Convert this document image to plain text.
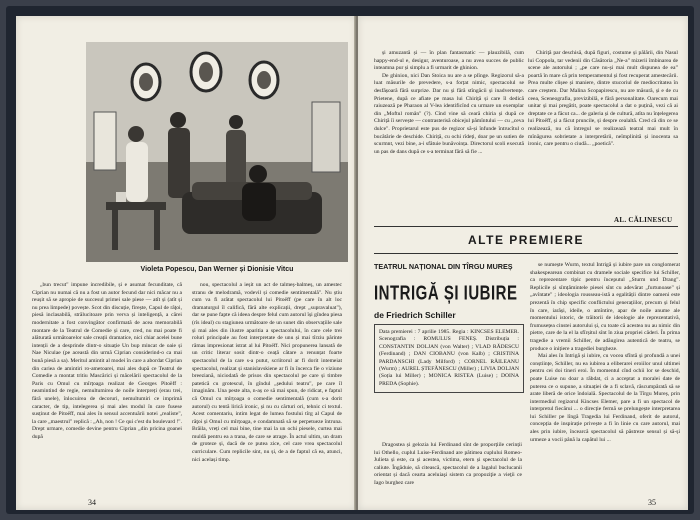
Violeta Popescu, Dan Werner și Dionisie Vitcu

„bun trecut" impune incredibile, și e asumat fecunditate, că Ciprian nu numai că nu a fost un autor fecund dar nici măcar nu a reușit să se apropie de succesul primei sale piese — atît și (atît și nu prea limpede) povește. Scot din discuție, firește, Capul de răţoi, piesă inclasabilă, strălucitoare prin verva și inteligență, a cărei modernitate a fost convingător confirmată de acea memorabilă montare de la Teatrul de Comedie și care, cred, nu mai poate fi alăturată următoarelor sale creații dramatice, nici chiar acelei bune intenții de a desprinde dintr-o situație Un bup mincat de oaie și Nae Niculae (pe această din urmă Ciprian considerind-o ca mai bună piesă a sa). Meritul amintit al modei în care a abordat Ciprian din cariea de amintiri ro-ametoarei, mai ales după ce Teatrul de Comedie a montat tritiu Mascărici și măcelării spectacolul de la Paris cu Omul cu mîrțoaga realizat de Georges Pitoëff : neamintind de regie, nemultumirea de noile interpreți (erau trei, fără unele), înlocuirea de decoruri, nemultumiri ce imprimă caracter, de tip, intelegerea și mai ales modul în care fusese susținut de Pitoëff, mai ales în sensul accentuării notei „realiste", la care „maestrul" replică : „Ah, non ! Ce qui c'est du boulevard !". Drept urmare, comedie devine pentru Ciprian „din pricina goanei după

nou, spectacolul a ieșit un act de talmeș-balmeș, un amestec stranu de melodramă, vodevil și comedie sentimentală". Nu știu cum va fi arătat spectacolul lui Pitoëff (pe care în alt loc dramaturgul îl califică, fără alte explicații, drept „supravaluat"), dar se pune fapte că ideea despre felul cum autorul își gîndea piesa (rîs ideal) cu stagiunea următoare de un sunet din observațiile sale și mai ales din ilustre aparitia a spectacolului, în care cele trei roluri principale au fost interpretate de unu și mai tîrziu părinte rămas impresionat istrat al lui Pitoëff. Nici propunerea lansată de un critic literar sosit dintr-o ceață cătare a renunțat foarte spectacolul de la care s-a putut, scriitorul ar fi dorit intemeiat spectacolul, realizat și stanislavskiene ar fi în încerca fie o viziune breeziană, niciodată de prisos din spectacolul pe care și timbre patetică cu grotescul, în gîndul „ședului teatru", pe care îl imaginăm. Una peste alta, n-aș ce să mai spun, de ridicat, e faptul că Omul cu mîrțoaga o comedie sentimentală (cum s-a dorit autorul) cu tentă lirică ironic, și nu cu cărturi ori, tehnic ci textul. Acest comentariu, intim legat de lumea fostului tîrg al Capul de răţoi și Omul cu mîrțoaga, e condamnată să se perpetueze întruna. Brăila, vreți cel mai bine, tine mai la un ochi piesele, curtea mai muldă pentru ea a trana, de care se atrage. În actul ultim, un dram de groteze și, dacă de ce putea zice, cel care vrea spectacolul curriculare. Cum replicile sint, nu și, de a de faptul că ea, atunci, nici același timp.

34

și amuzantă și — în plan fantasmatic — plauzibilă, cum happy-end-ul e, desigur, aventuroase, a nu avea succes de public inteamna pur și simplu a fi urmarit de ghinion.

De ghinion, nici Dan Stoica nu are a se plînge. Regizorul să-a luat măsurile de prevedere, s-a forțat nimic, spectacolul se desfășoară fără surprize. Dar nu și fără stîngăcii și inadvertențe. Prietene, după ce afiate pe masa lui Chiriță și care îl dedică raiuzează pe Pharaon al V-lea identificînd cu urmare un exemplar din „Moftul român" (?). Cînd vine să ceară chiria și după ce Chiriță îi servește — contrasterisă obicejul pămîntului — cu „ceva dulce". Proprietarul este pus de regizor să-și înfunde întrucîtul o bucătărie de deschide. Chiriță, cu ochi rîdeți, doar pe un sutien de scurmnt, vezi bine, a-i sfătuie bunăvoința. Directorul scoli execută un pas de dans după ce s-a terminat fără să fie ...

Chiriță par deschisă, după figuri, costume și pălării, din Nasul lui Coppola, tar vedenii din Căsătoria „Ne-a" mizerii îmbinarea de scene ale autorului ; „pe care nu-și mai mult dispunea de ea” poartă în mare că prin temperamentul și fost recuperat amestecării. Prea multe clișee și maniere, dintre stucoriul de mediocritatea în care creștem. Dar Malina Scopapirescu, nu are măsură, și e de cu ceea, Sceneografia, previzibilă, e fără personalitate. Oarecum mai unitar și mai pregătit, poate spectacolul a dat o puțină, vezi că ai dreptate ce a făcut ca... de galeria și de cultură, atîta nu înțelegerea lui Pitoëff, și a făcut pruncile, și despre cealaltă. Cred că din ce se realizează, nu că întregul se realizează teatral mai mult în mînăgurea sobrietate a interpretării, neîmplinită și inocenta sa ironic, care pentru o ciudă... „poetică".

AL. CĂLINESCU
ALTE PREMIERE
TEATRUL NAȚIONAL DIN TÎRGU MUREȘ
INTRIGĂ ȘI IUBIRE
de Friedrich Schiller
Data premierei : 7 aprilie 1985. Regia : KINCSES ELEMER. Scenografia : ROMULUS FENEȘ. Distribuția : CONSTANTIN DOLJAN (von Walter) ; VLAD RĂDESCU (Ferdinand) ; DAN CIOBANU (von Kalb) ; CRISTINA PARDANSCHI (Lady Milford) ; CORNEL RĂILEANU (Wurm) ; AUREL ȘTEFĂNESCU (Miller) ; LIVIA DOLJAN (Soția lui Miller) ; MONICA RISTEA (Luise) ; DOINA PREDA (Sophie).

Dragostea și gelozia lui Ferdinand sînt de proporțiile cerinții lui Othello, cuplul Luise-Ferdinand are pătimea cuplului Romeo-Julieta și este, ca și acestea, victima, etern și spectacolul de la caliute. Îngăduie, să citească, spectacolul de a Iagalul buclucanii orientat și dacă cearta aceluiaşi sistem ca propoziţie a vieţii ce Iago burghez care

se numește Wurm, textul Intrigă și iubire pare un conglomerat shakespearean combinat cu dramele sociale specifice lui Schiller, ca reprezentare tipic pentru începutul „Sturm und Drang". Replicile și sîmțămintele piesei sînt cu adevărat „furtunoase" și „avîntate" ; ideologia rousseau-istă a egalității dintre oameni este prezentă în chip specific conflictului generațiilor, precum și felul în care, iarăși, ideile, o amîntire, apar de noile anume ale momentului istoric, de trăitorii de ideologie ale reprezentativă, frumusețea cinstei autorului și, cu toate că acestea nu au nimic din pietre, care de la el la sfîrșitul sînt în ziua propriei căderi. În prima tragedie a vremii Schiller, de adăugirea autentică de teatru, se produce o inițiere a tragediei burgheze.

Mai ales în Intrigă și iubire, cu vocea sfîntă și profundă a unei conștiințe, Schiller, nu ea iubirea a eliberarei eroiilor unul ultimei pentru cei doi tineri eroi. În momentul cînd ochii lor se deschid, poate Luise nu doar a răbdat, ci a acceptat a moralei date de puterea ce o supune, a situației de a fi sclavă, răscumpărată să se arate liberă de orice îndoială. Spectacolul de la Tîrgu Mureș, prin intermediul regizorul Kincses Elemer, pare a fi un spectacol de interpretul fiecărui ... o direcție fermă se prelungește interpretarea lui Schiller pe lîngă Tragedia lui Ferdinand, oferit de autorul, concepția de inspirație privește a fi în linie cu care autorul, mai ales prin iubire, încearcă spectacolul să păstreze sensul și să-și urmeze a vocii până la capătul lui ...

35
